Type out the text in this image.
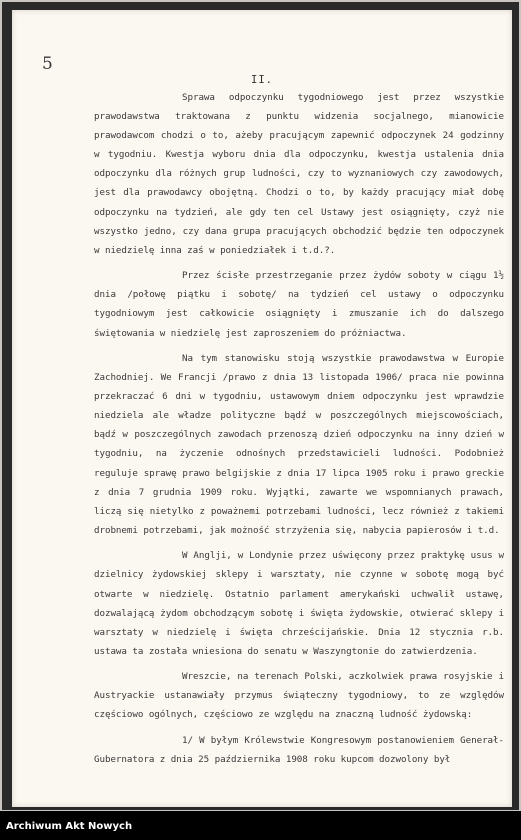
5
II.

Sprawa odpoczynku tygodniowego jest przez wszystkie prawodawstwa traktowana z punktu widzenia socjalnego, mianowicie prawodawcom chodzi o to, ażeby pracującym zapewnić odpoczynek 24 godzinny w tygodniu. Kwestja wyboru dnia dla odpoczynku, kwestja ustalenia dnia odpoczynku dla różnych grup ludności, czy to wyznaniowych czy zawodowych, jest dla prawodawcy obojętną. Chodzi o to, by każdy pracujący miał dobę odpoczynku na tydzień, ale gdy ten cel Ustawy jest osiągnięty, czyż nie wszystko jedno, czy dana grupa pracujących obchodzić będzie ten odpoczynek w niedzielę inna zaś w poniedziałek i t.d.?.

Przez ścisłe przestrzeganie przez żydów soboty w ciągu 1½ dnia /połowę piątku i sobotę/ na tydzień cel ustawy o odpoczynku tygodniowym jest całkowicie osiągnięty i zmuszanie ich do dalszego świętowania w niedzielę jest zaproszeniem do próżniactwa.

Na tym stanowisku stoją wszystkie prawodawstwa w Europie Zachodniej. We Francji /prawo z dnia 13 listopada 1906/ praca nie powinna przekraczać 6 dni w tygodniu, ustawowym dniem odpoczynku jest wprawdzie niedziela ale władze polityczne bądź w poszczególnych miejscowościach, bądź w poszczególnych zawodach przenoszą dzień odpoczynku na inny dzień w tygodniu, na życzenie odnośnych przedstawicieli ludności. Podobnież reguluje sprawę prawo belgijskie z dnia 17 lipca 1905 roku i prawo greckie z dnia 7 grudnia 1909 roku. Wyjątki, zawarte we wspomnianych prawach, liczą się nietylko z poważnemi potrzebami ludności, lecz również z takiemi drobnemi potrzebami, jak możność strzyżenia się, nabycia papierosów i t.d.

W Anglji, w Londynie przez uświęcony przez praktykę usus w dzielnicy żydowskiej sklepy i warsztaty, nie czynne w sobotę mogą być otwarte w niedzielę. Ostatnio parlament amerykański uchwalił ustawę, dozwalającą żydom obchodzącym sobotę i święta żydowskie, otwierać sklepy i warsztaty w niedzielę i święta chrześcijańskie. Dnia 12 stycznia r.b. ustawa ta została wniesiona do senatu w Waszyngtonie do zatwierdzenia.

Wreszcie, na terenach Polski, aczkolwiek prawa rosyjskie i Austryackie ustanawiały przymus świąteczny tygodniowy, to ze względów częściowo ogólnych, częściowo ze względu na znaczną ludność żydowską:

1/ W byłym Królewstwie Kongresowym postanowieniem Generał-Gubernatora z dnia 25 października 1908 roku kupcom dozwolony był

Archiwum Akt Nowych
